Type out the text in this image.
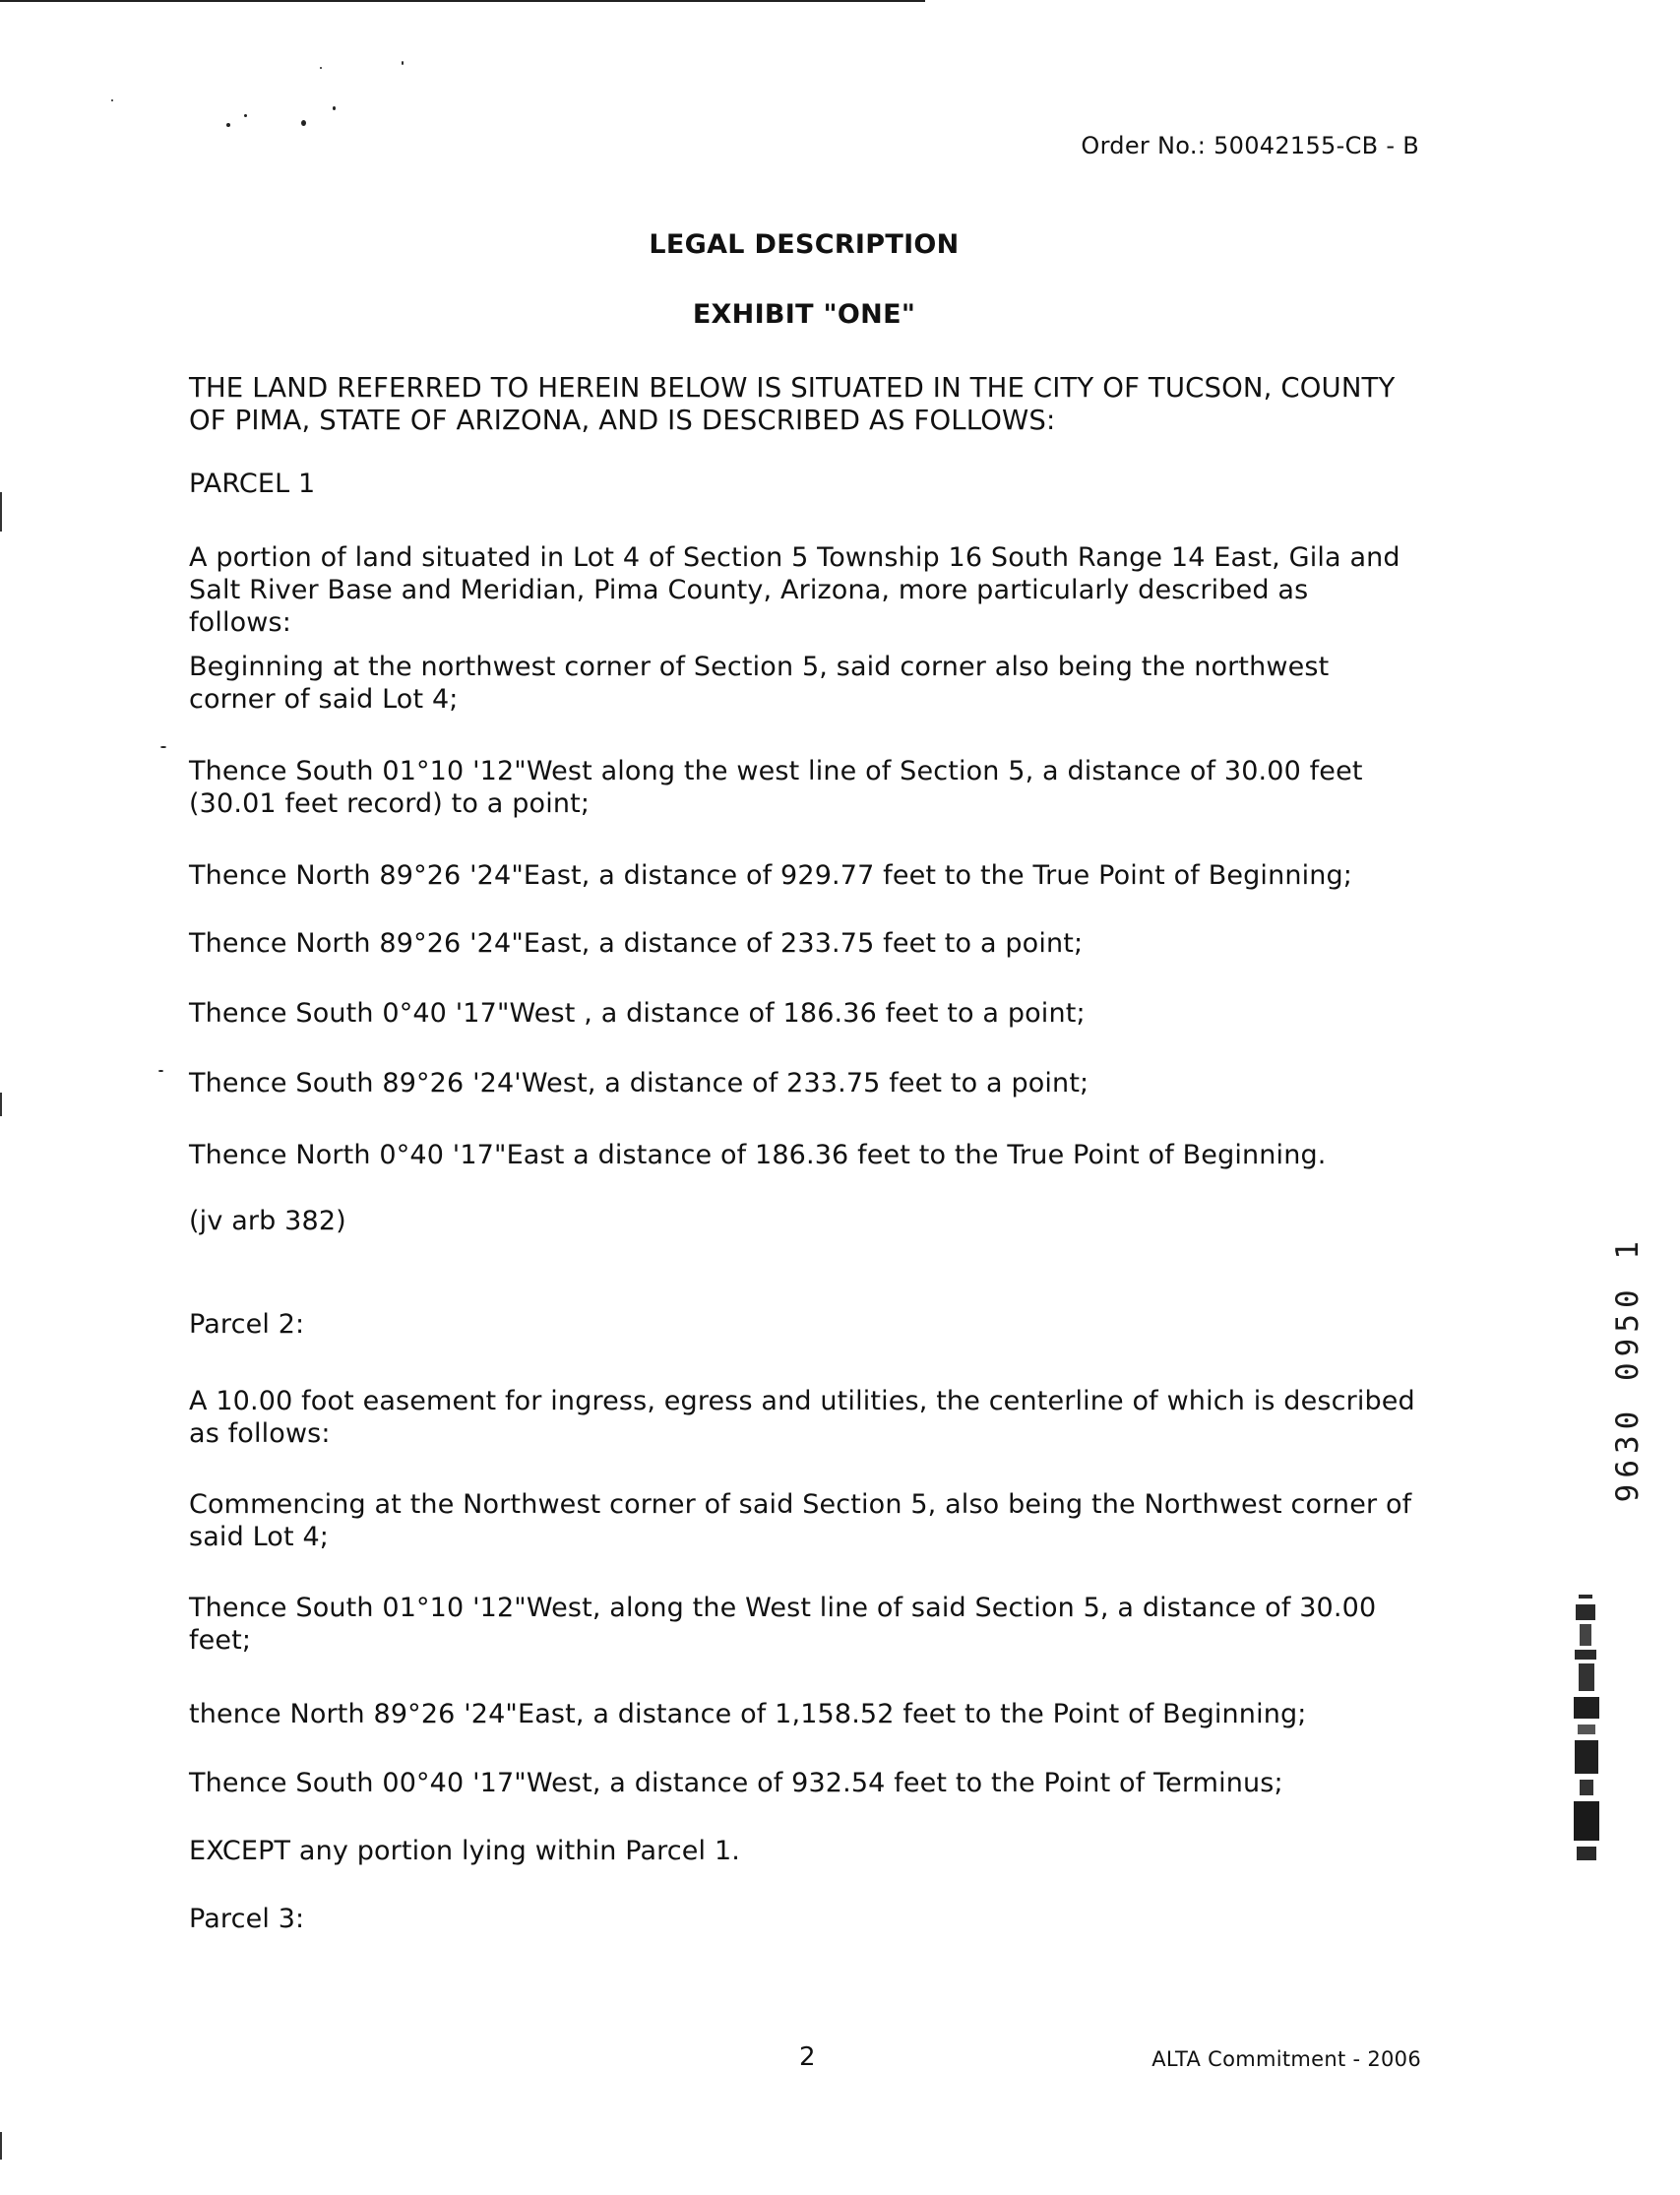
Order No.: 50042155-CB - B
LEGAL DESCRIPTION
EXHIBIT "ONE"
THE LAND REFERRED TO HEREIN BELOW IS SITUATED IN THE CITY OF TUCSON, COUNTY OF PIMA, STATE OF ARIZONA, AND IS DESCRIBED AS FOLLOWS:
PARCEL 1
A portion of land situated in Lot 4 of Section 5 Township 16 South Range 14 East, Gila and Salt River Base and Meridian, Pima County, Arizona, more particularly described as follows:
Beginning at the northwest corner of Section 5, said corner also being the northwest corner of said Lot 4;
Thence South 01°10 '12"West along the west line of Section 5, a distance of 30.00 feet (30.01 feet record) to a point;
Thence North 89°26 '24"East, a distance of 929.77 feet to the True Point of Beginning;
Thence North 89°26 '24"East, a distance of 233.75 feet to a point;
Thence South 0°40 '17"West , a distance of 186.36 feet to a point;
Thence South 89°26 '24'West, a distance of 233.75 feet to a point;
Thence North 0°40 '17"East a distance of 186.36 feet to the True Point of Beginning.
(jv arb 382)
Parcel 2:
A 10.00 foot easement for ingress, egress and utilities, the centerline of which is described as follows:
Commencing at the Northwest corner of said Section 5, also being the Northwest corner of said Lot 4;
Thence South 01°10 '12"West, along the West line of said Section 5, a distance of 30.00 feet;
thence North 89°26 '24"East, a distance of 1,158.52 feet to the Point of Beginning;
Thence South 00°40 '17"West, a distance of 932.54 feet to the Point of Terminus;
EXCEPT any portion lying within Parcel 1.
Parcel 3:
9630 0950 1
2	ALTA Commitment - 2006
